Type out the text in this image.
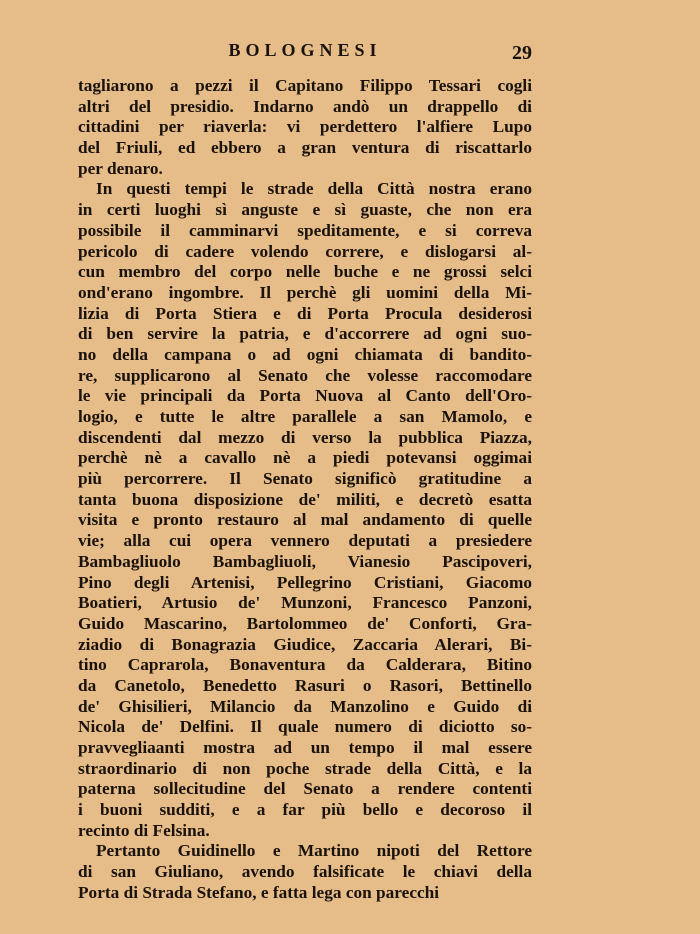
BOLOGNESI	29
tagliarono a pezzi il Capitano Filippo Tessari cogli
altri del presidio. Indarno andò un drappello di
cittadini per riaverla: vi perdettero l'alfiere Lupo
del Friuli, ed ebbero a gran ventura di riscattarlo
per denaro.
In questi tempi le strade della Città nostra erano
in certi luoghi sì anguste e sì guaste, che non era
possibile il camminarvi speditamente, e si correva
pericolo di cadere volendo correre, e dislogarsi al-
cun membro del corpo nelle buche e ne grossi selci
ond'erano ingombre. Il perchè gli uomini della Mi-
lizia di Porta Stiera e di Porta Procula desiderosi
di ben servire la patria, e d'accorrere ad ogni suo-
no della campana o ad ogni chiamata di bandito-
re, supplicarono al Senato che volesse raccomodare
le vie principali da Porta Nuova al Canto dell'Oro-
logio, e tutte le altre parallele a san Mamolo, e
discendenti dal mezzo di verso la pubblica Piazza,
perchè nè a cavallo nè a piedi potevansi oggimai
più percorrere. Il Senato significò gratitudine a
tanta buona disposizione de' militi, e decretò esatta
visita e pronto restauro al mal andamento di quelle
vie; alla cui opera vennero deputati a presiedere
Bambagliuolo Bambagliuoli, Vianesio Pascipoveri,
Pino degli Artenisi, Pellegrino Cristiani, Giacomo
Boatieri, Artusio de' Munzoni, Francesco Panzoni,
Guido Mascarino, Bartolommeo de' Conforti, Gra-
ziadio di Bonagrazia Giudice, Zaccaria Alerari, Bi-
tino Caprarola, Bonaventura da Calderara, Bitino
da Canetolo, Benedetto Rasuri o Rasori, Bettinello
de' Ghisilieri, Milancio da Manzolino e Guido di
Nicola de' Delfini. Il quale numero di diciotto so-
pravvegliaanti mostra ad un tempo il mal essere
straordinario di non poche strade della Città, e la
paterna sollecitudine del Senato a rendere contenti
i buoni sudditi, e a far più bello e decoroso il
recinto di Felsina.
Pertanto Guidinello e Martino nipoti del Rettore
di san Giuliano, avendo falsificate le chiavi della
Porta di Strada Stefano, e fatta lega con parecchi
